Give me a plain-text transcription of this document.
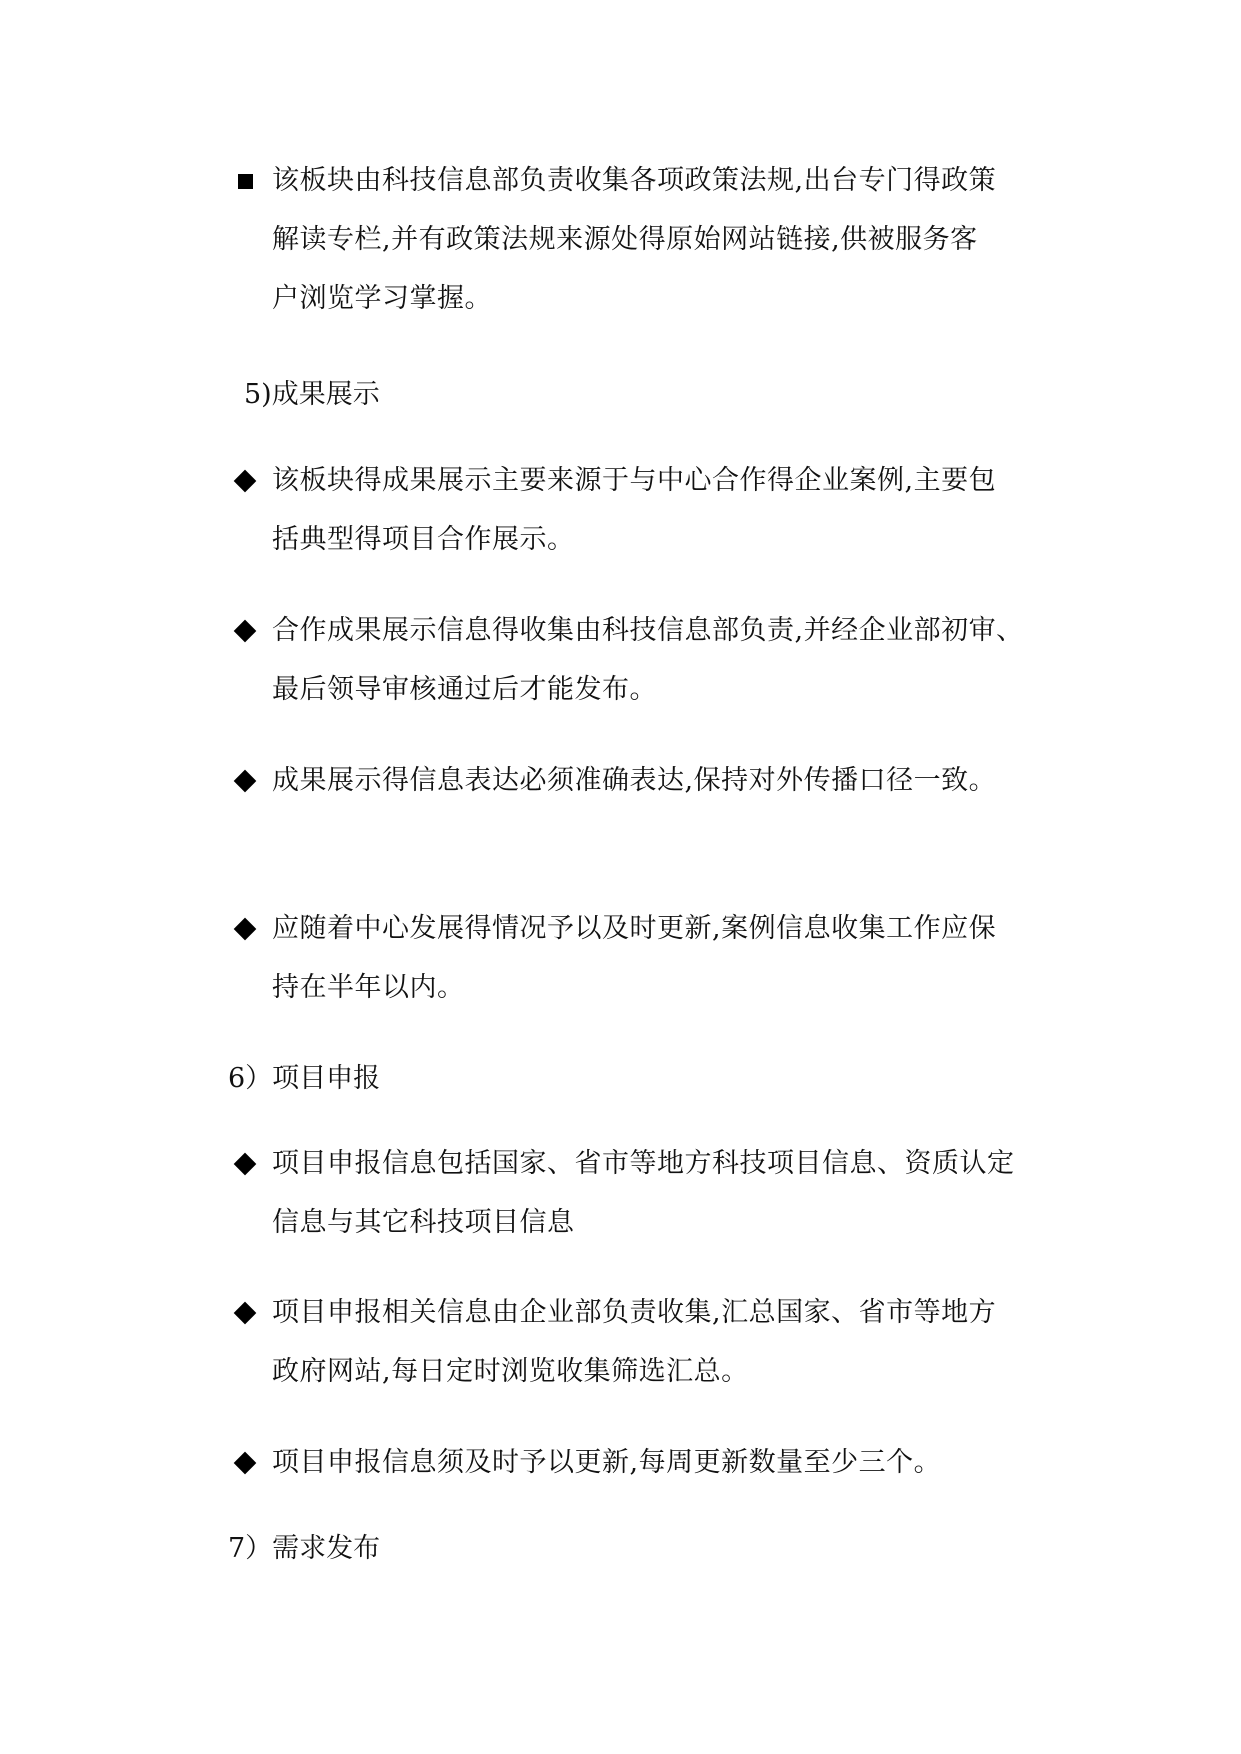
该板块由科技信息部负责收集各项政策法规,出台专门得政策
解读专栏,并有政策法规来源处得原始网站链接,供被服务客
户浏览学习掌握。
5)成果展示
该板块得成果展示主要来源于与中心合作得企业案例,主要包
括典型得项目合作展示。
合作成果展示信息得收集由科技信息部负责,并经企业部初审、
最后领导审核通过后才能发布。
成果展示得信息表达必须准确表达,保持对外传播口径一致。
应随着中心发展得情况予以及时更新,案例信息收集工作应保
持在半年以内。
6）项目申报
项目申报信息包括国家、省市等地方科技项目信息、资质认定
信息与其它科技项目信息
项目申报相关信息由企业部负责收集,汇总国家、省市等地方
政府网站,每日定时浏览收集筛选汇总。
项目申报信息须及时予以更新,每周更新数量至少三个。
7）需求发布
